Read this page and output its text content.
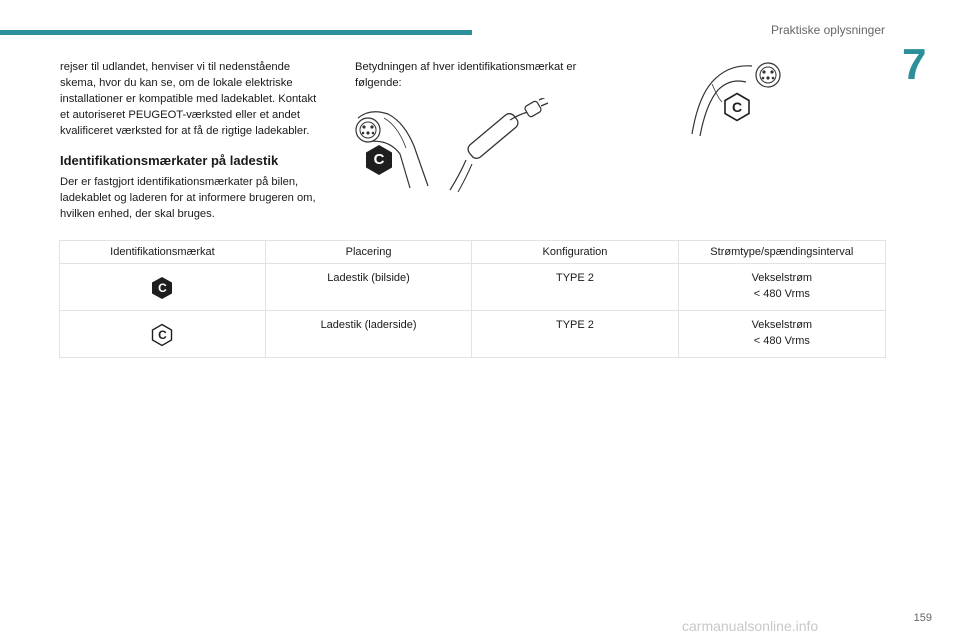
Praktiske oplysninger
7

rejser til udlandet, henviser vi til nedenstående skema, hvor du kan se, om de lokale elektriske installationer er kompatible med ladekablet. Kontakt et autoriseret PEUGEOT-værksted eller et andet kvalificeret værksted for at få de rigtige ladekabler.

Identifikationsmærkater på ladestik

Der er fastgjort identifikationsmærkater på bilen, ladekablet og laderen for at informere brugeren om, hvilken enhed, der skal bruges.

Betydningen af hver identifikationsmærkat er følgende:

C
C
Identifikationsmærkat	Placering	Konfiguration	Strømtype/spændingsinterval

C	Ladestik (bilside)	TYPE 2	Vekselstrøm
< 480 Vrms

C	Ladestik (laderside)	TYPE 2	Vekselstrøm
< 480 Vrms
159
carmanualsonline.info
